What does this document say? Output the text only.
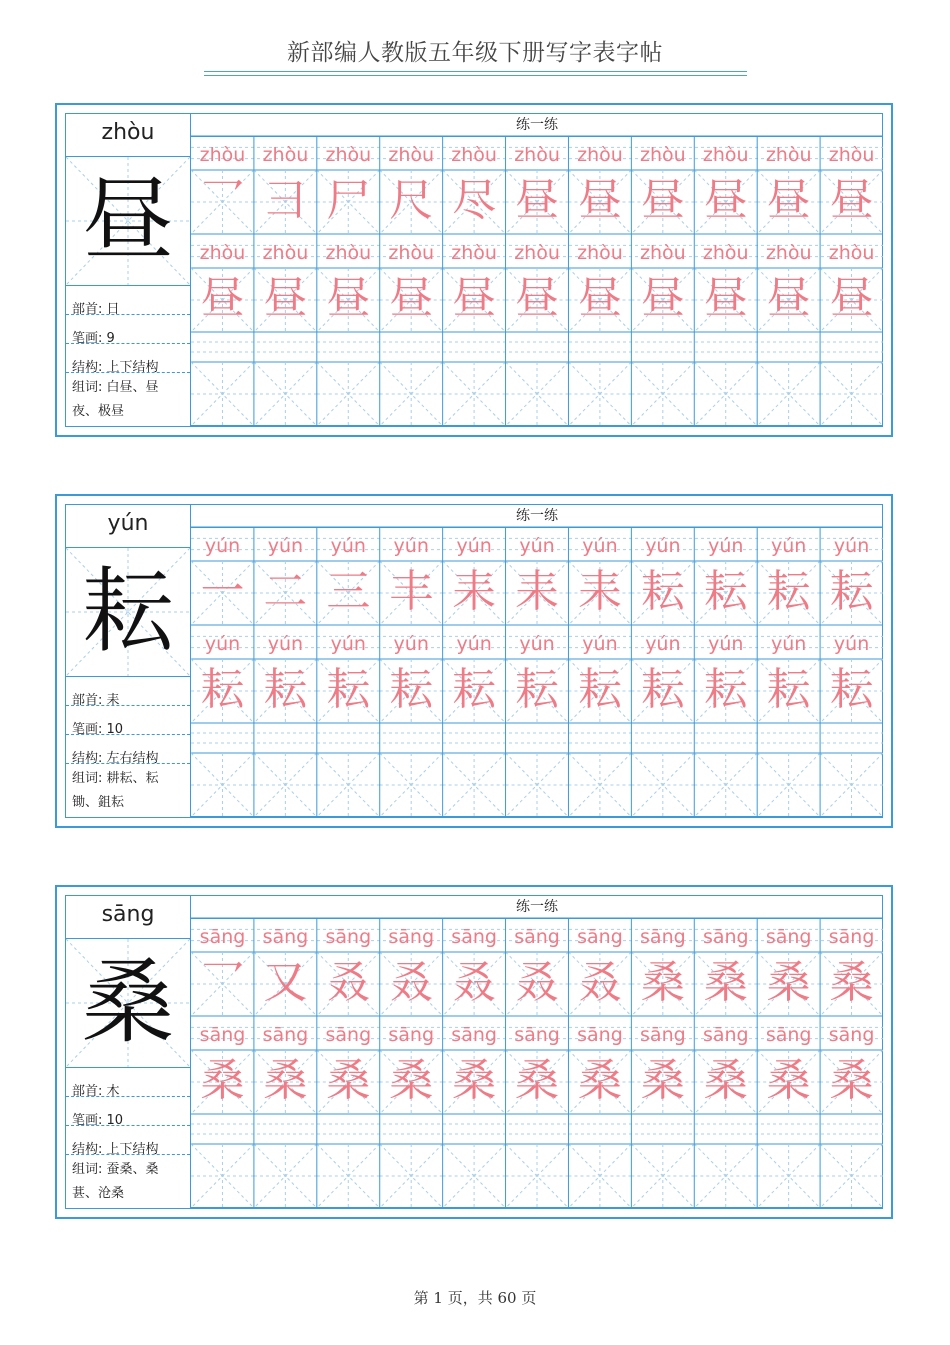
新部编人教版五年级下册写字表字帖
zhòu
昼
部首: 日
笔画: 9
结构: 上下结构
组词: 白昼、昼夜、极昼
练一练
zhòu
⺂
zhòu
昼
zhòu
⺕
zhòu
昼
zhòu
尸
zhòu
昼
zhòu
尺
zhòu
昼
zhòu
尽
zhòu
昼
zhòu
昼
zhòu
昼
zhòu
昼
zhòu
昼
zhòu
昼
zhòu
昼
zhòu
昼
zhòu
昼
zhòu
昼
zhòu
昼
zhòu
昼
zhòu
昼
yún
耘
部首: 耒
笔画: 10
结构: 左右结构
组词: 耕耘、耘锄、鉏耘
练一练
yún
一
yún
耘
yún
二
yún
耘
yún
三
yún
耘
yún
丰
yún
耘
yún
耒
yún
耘
yún
耒
yún
耘
yún
耒
yún
耘
yún
耘
yún
耘
yún
耘
yún
耘
yún
耘
yún
耘
yún
耘
yún
耘
sāng
桑
部首: 木
笔画: 10
结构: 上下结构
组词: 蚕桑、桑葚、沧桑
练一练
sāng
⺂
sāng
桑
sāng
又
sāng
桑
sāng
叒
sāng
桑
sāng
叒
sāng
桑
sāng
叒
sāng
桑
sāng
叒
sāng
桑
sāng
叒
sāng
桑
sāng
桑
sāng
桑
sāng
桑
sāng
桑
sāng
桑
sāng
桑
sāng
桑
sāng
桑
第 1 页，共 60 页
